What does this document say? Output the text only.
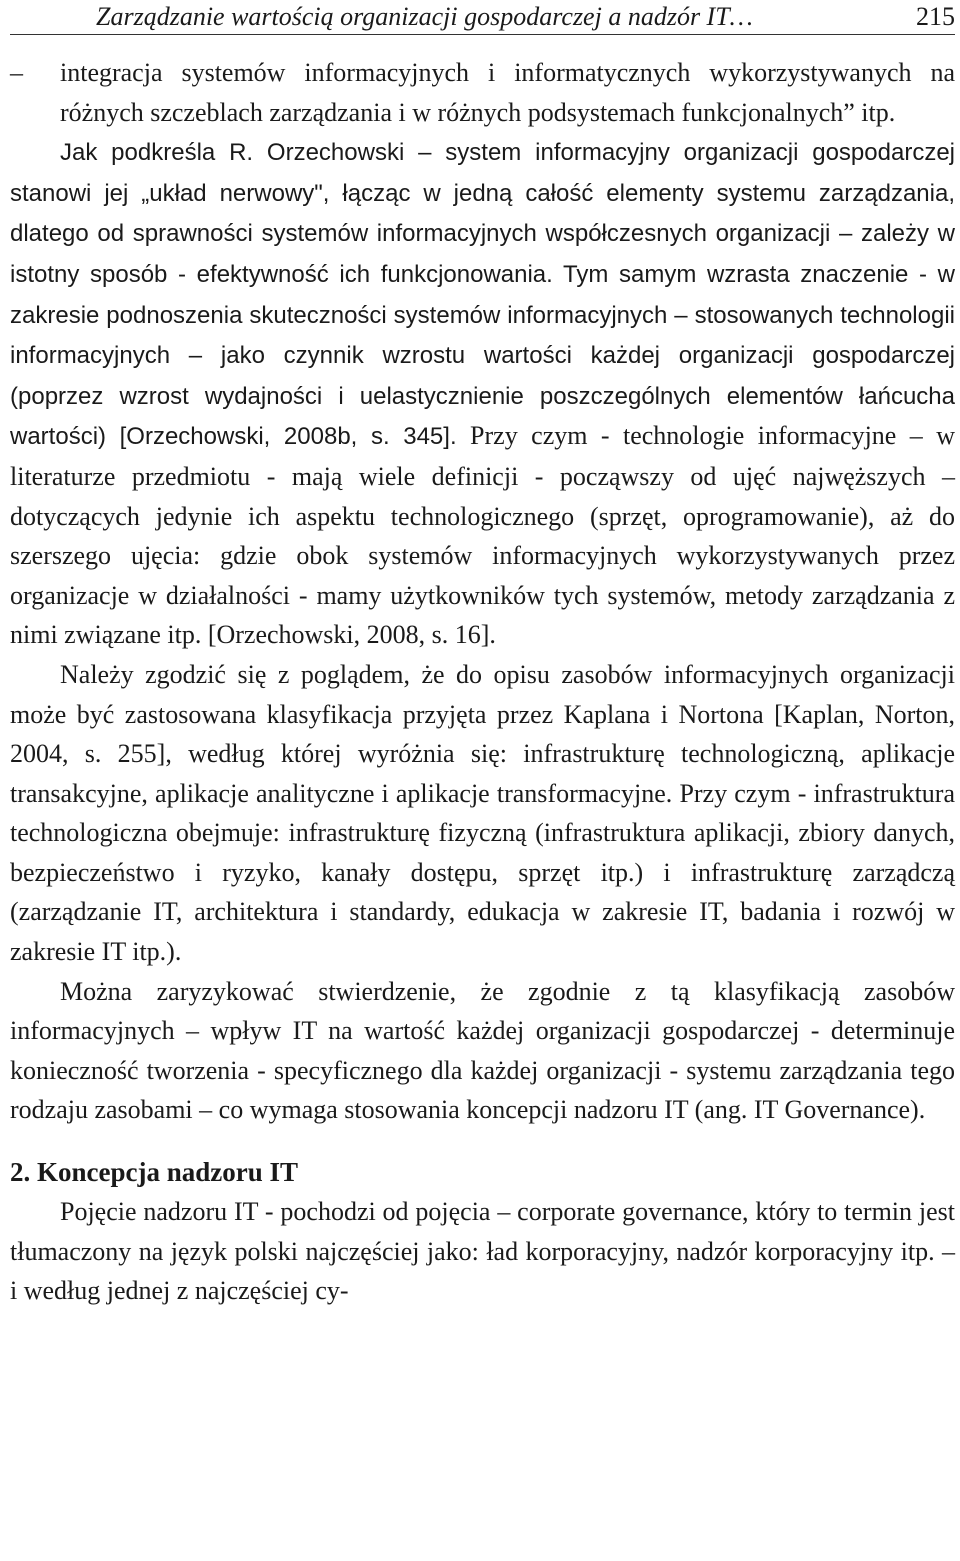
Zarządzanie wartością organizacji gospodarczej a nadzór IT…	215
– integracja systemów informacyjnych i informatycznych wykorzystywanych na różnych szczeblach zarządzania i w różnych podsystemach funkcjonalnych” itp.

Jak podkreśla R. Orzechowski – system informacyjny organizacji gospodarczej stanowi jej „układ nerwowy", łącząc w jedną całość elementy systemu zarządzania, dlatego od sprawności systemów informacyjnych współczesnych organizacji – zależy w istotny sposób - efektywność ich funkcjonowania. Tym samym wzrasta znaczenie - w zakresie podnoszenia skuteczności systemów informacyjnych – stosowanych technologii informacyjnych – jako czynnik wzrostu wartości każdej organizacji gospodarczej (poprzez wzrost wydajności i uelastycznienie poszczególnych elementów łańcucha wartości) [Orzechowski, 2008b, s. 345]. Przy czym - technologie informacyjne – w literaturze przedmiotu - mają wiele definicji - począwszy od ujęć najwęższych – dotyczących jedynie ich aspektu technologicznego (sprzęt, oprogramowanie), aż do szerszego ujęcia: gdzie obok systemów informacyjnych wykorzystywanych przez organizacje w działalności - mamy użytkowników tych systemów, metody zarządzania z nimi związane itp. [Orzechowski, 2008, s. 16].

Należy zgodzić się z poglądem, że do opisu zasobów informacyjnych organizacji może być zastosowana klasyfikacja przyjęta przez Kaplana i Nortona [Kaplan, Norton, 2004, s. 255], według której wyróżnia się: infrastrukturę technologiczną, aplikacje transakcyjne, aplikacje analityczne i aplikacje transformacyjne. Przy czym - infrastruktura technologiczna obejmuje: infrastrukturę fizyczną (infrastruktura aplikacji, zbiory danych, bezpieczeństwo i ryzyko, kanały dostępu, sprzęt itp.) i infrastrukturę zarządczą (zarządzanie IT, architektura i standardy, edukacja w zakresie IT, badania i rozwój w zakresie IT itp.).

Można zaryzykować stwierdzenie, że zgodnie z tą klasyfikacją zasobów informacyjnych – wpływ IT na wartość każdej organizacji gospodarczej - determinuje konieczność tworzenia - specyficznego dla każdej organizacji - systemu zarządzania tego rodzaju zasobami – co wymaga stosowania koncepcji nadzoru IT (ang. IT Governance).

2. Koncepcja nadzoru IT

Pojęcie nadzoru IT - pochodzi od pojęcia – corporate governance, który to termin jest tłumaczony na język polski najczęściej jako: ład korporacyjny, nadzór korporacyjny itp. – i według jednej z najczęściej cy-
